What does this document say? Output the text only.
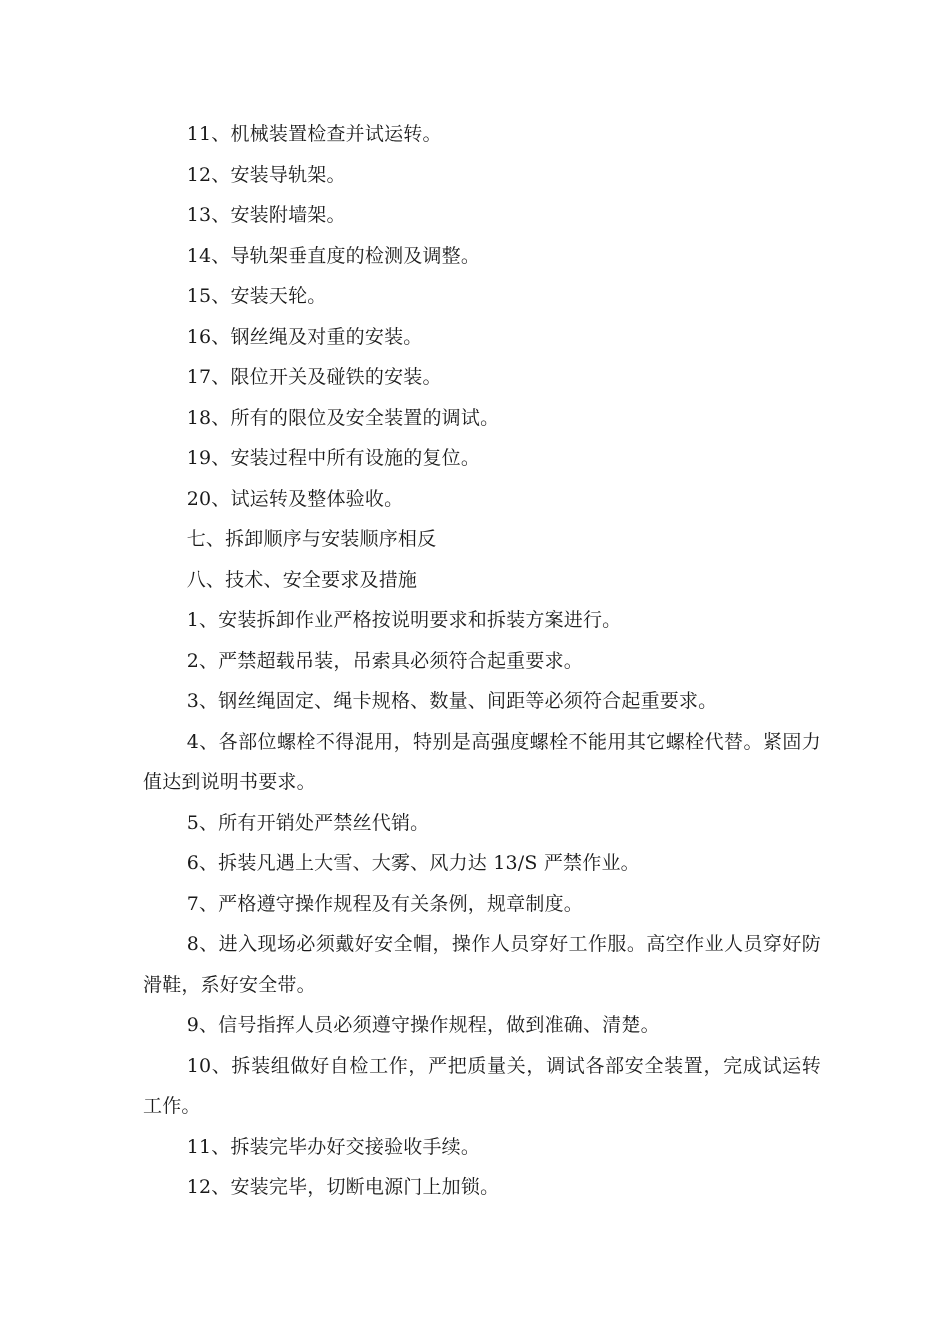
11、机械装置检查并试运转。

12、安装导轨架。

13、安装附墙架。

14、导轨架垂直度的检测及调整。

15、安装天轮。

16、钢丝绳及对重的安装。

17、限位开关及碰铁的安装。

18、所有的限位及安全装置的调试。

19、安装过程中所有设施的复位。

20、试运转及整体验收。

七、拆卸顺序与安装顺序相反

八、技术、安全要求及措施

1、安装拆卸作业严格按说明要求和拆装方案进行。

2、严禁超载吊装，吊索具必须符合起重要求。

3、钢丝绳固定、绳卡规格、数量、间距等必须符合起重要求。

4、各部位螺栓不得混用，特别是高强度螺栓不能用其它螺栓代替。紧固力值达到说明书要求。

5、所有开销处严禁丝代销。

6、拆装凡遇上大雪、大雾、风力达 13/S 严禁作业。

7、严格遵守操作规程及有关条例，规章制度。

8、进入现场必须戴好安全帽，操作人员穿好工作服。高空作业人员穿好防滑鞋，系好安全带。

9、信号指挥人员必须遵守操作规程，做到准确、清楚。

10、拆装组做好自检工作，严把质量关，调试各部安全装置，完成试运转工作。

11、拆装完毕办好交接验收手续。

12、安装完毕，切断电源门上加锁。
